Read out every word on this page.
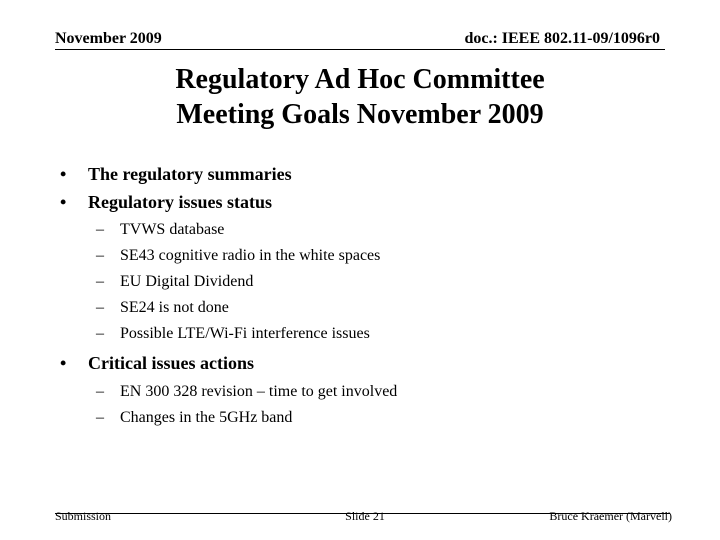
November 2009	doc.: IEEE 802.11-09/1096r0
Regulatory Ad Hoc Committee
Meeting Goals November 2009
•	The regulatory summaries
•	Regulatory issues status
–	TVWS database
–	SE43 cognitive radio in the white spaces
–	EU Digital Dividend
–	SE24 is not done
–	Possible LTE/Wi-Fi interference issues
•	Critical issues actions
–	EN 300 328 revision – time to get involved
–	Changes in the 5GHz band
Submission	Slide 21	Bruce Kraemer (Marvell)
